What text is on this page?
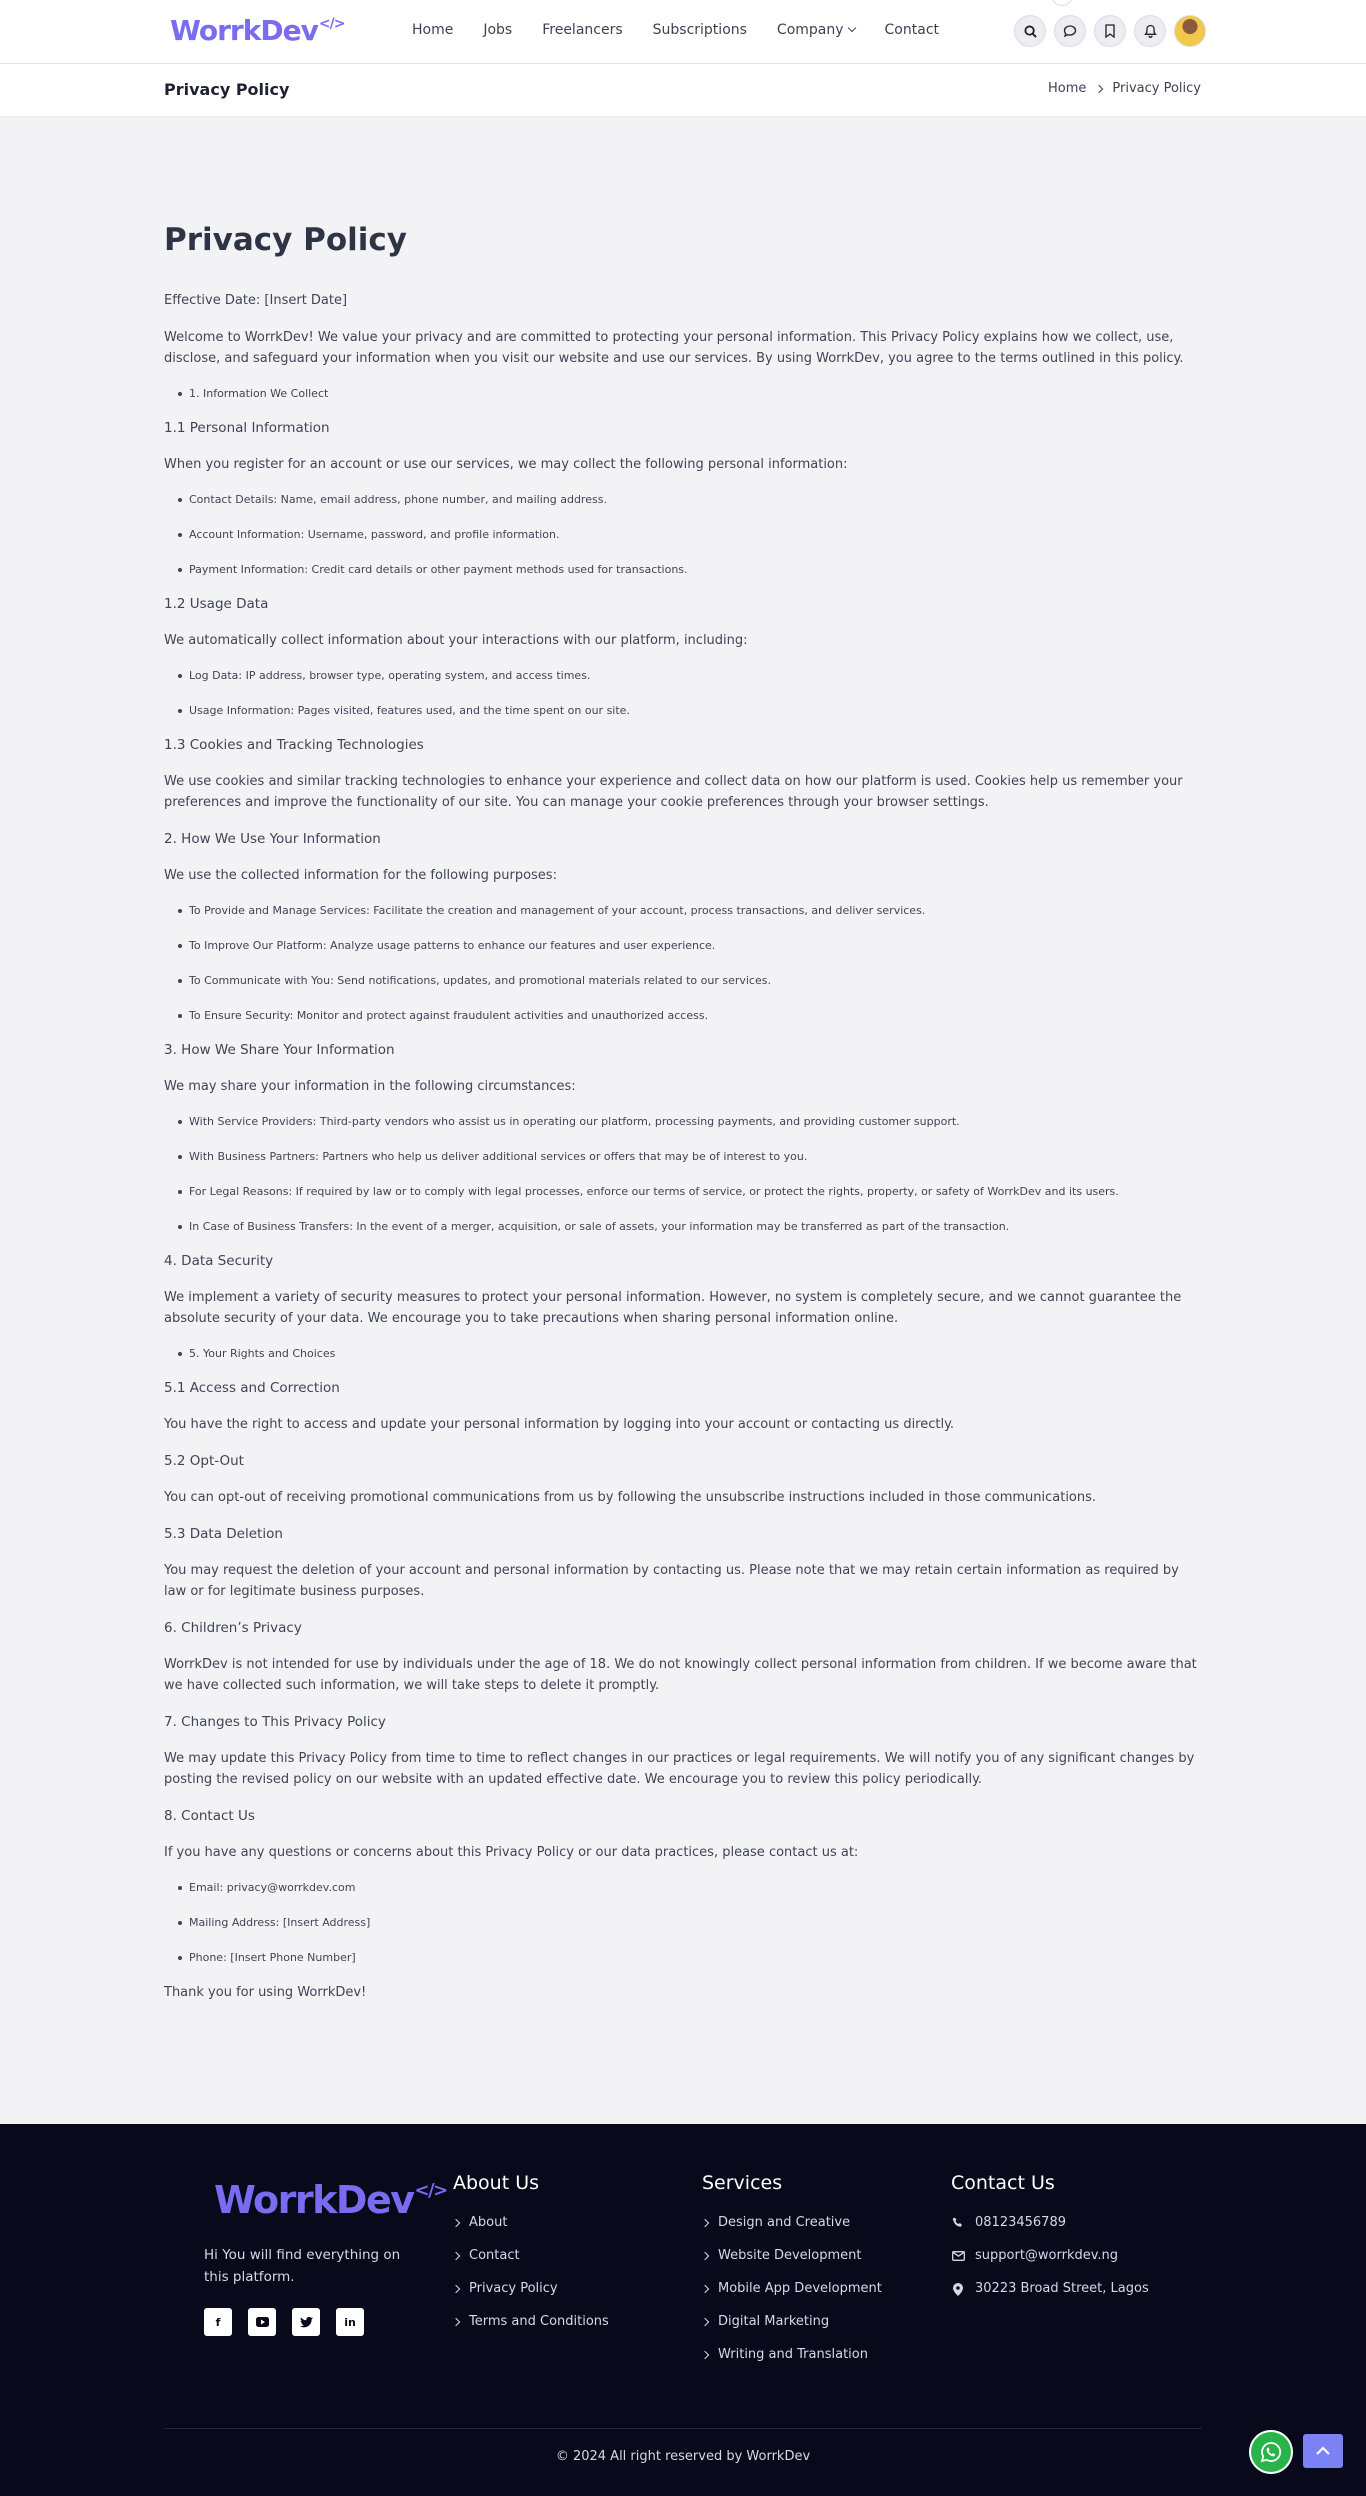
WorrkDev</>	Home Jobs Freelancers Subscriptions Company	Contact
Privacy Policy	Home Privacy Policy
Privacy Policy
Effective Date: [Insert Date]
Welcome to WorrkDev! We value your privacy and are committed to protecting your personal information. This Privacy Policy explains how we collect, use, disclose, and safeguard your information when you visit our website and use our services. By using WorrkDev, you agree to the terms outlined in this policy.
1. Information We Collect
1.1 Personal Information
When you register for an account or use our services, we may collect the following personal information:
Contact Details: Name, email address, phone number, and mailing address.
Account Information: Username, password, and profile information.
Payment Information: Credit card details or other payment methods used for transactions.
1.2 Usage Data
We automatically collect information about your interactions with our platform, including:
Log Data: IP address, browser type, operating system, and access times.
Usage Information: Pages visited, features used, and the time spent on our site.
1.3 Cookies and Tracking Technologies
We use cookies and similar tracking technologies to enhance your experience and collect data on how our platform is used. Cookies help us remember your preferences and improve the functionality of our site. You can manage your cookie preferences through your browser settings.
2. How We Use Your Information
We use the collected information for the following purposes:
To Provide and Manage Services: Facilitate the creation and management of your account, process transactions, and deliver services.
To Improve Our Platform: Analyze usage patterns to enhance our features and user experience.
To Communicate with You: Send notifications, updates, and promotional materials related to our services.
To Ensure Security: Monitor and protect against fraudulent activities and unauthorized access.
3. How We Share Your Information
We may share your information in the following circumstances:
With Service Providers: Third-party vendors who assist us in operating our platform, processing payments, and providing customer support.
With Business Partners: Partners who help us deliver additional services or offers that may be of interest to you.
For Legal Reasons: If required by law or to comply with legal processes, enforce our terms of service, or protect the rights, property, or safety of WorrkDev and its users.
In Case of Business Transfers: In the event of a merger, acquisition, or sale of assets, your information may be transferred as part of the transaction.
4. Data Security
We implement a variety of security measures to protect your personal information. However, no system is completely secure, and we cannot guarantee the absolute security of your data. We encourage you to take precautions when sharing personal information online.
5. Your Rights and Choices
5.1 Access and Correction
You have the right to access and update your personal information by logging into your account or contacting us directly.
5.2 Opt-Out
You can opt-out of receiving promotional communications from us by following the unsubscribe instructions included in those communications.
5.3 Data Deletion
You may request the deletion of your account and personal information by contacting us. Please note that we may retain certain information as required by law or for legitimate business purposes.
6. Children’s Privacy
WorrkDev is not intended for use by individuals under the age of 18. We do not knowingly collect personal information from children. If we become aware that we have collected such information, we will take steps to delete it promptly.
7. Changes to This Privacy Policy
We may update this Privacy Policy from time to time to reflect changes in our practices or legal requirements. We will notify you of any significant changes by posting the revised policy on our website with an updated effective date. We encourage you to review this policy periodically.
8. Contact Us
If you have any questions or concerns about this Privacy Policy or our data practices, please contact us at:
Email: privacy@worrkdev.com
Mailing Address: [Insert Address]
Phone: [Insert Phone Number]
Thank you for using WorrkDev!
WorrkDev</>
Hi You will find everything on this platform.
f	in
About Us
About
Contact
Privacy Policy
Terms and Conditions
Services
Design and Creative
Website Development
Mobile App Development
Digital Marketing
Writing and Translation
Contact Us
08123456789
support@worrkdev.ng
30223 Broad Street, Lagos
© 2024 All right reserved by WorrkDev
